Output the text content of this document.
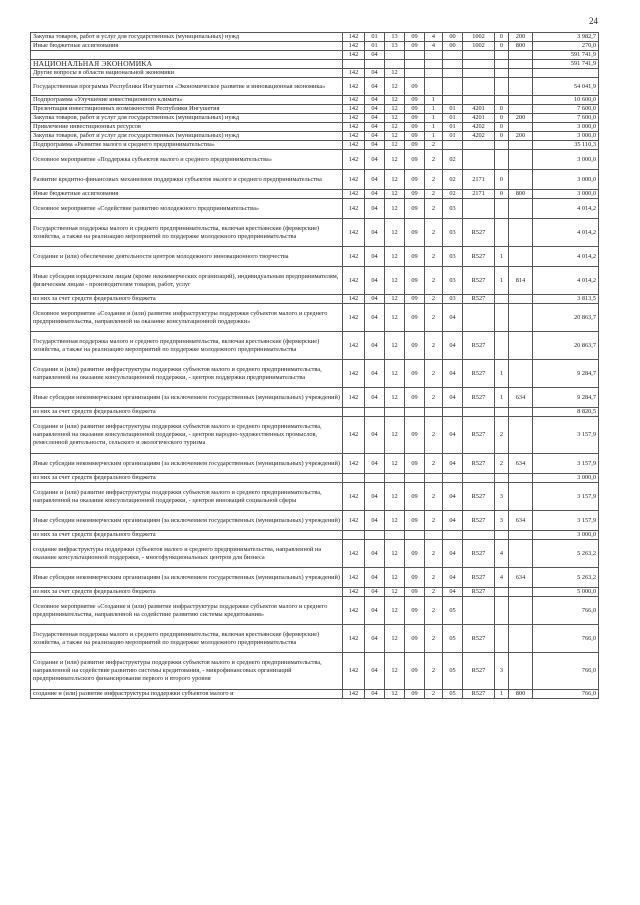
24
Закупка товаров, работ и услуг для государственных (муниципальных) нужд	142	01	13	09	4	00	1002	0	200	3 982,7
Иные бюджетные ассигнования	142	01	13	09	4	00	1002	0	800	270,0
	142	04								591 741,9
НАЦИОНАЛЬНАЯ ЭКОНОМИКА										591 741,9
Другие вопросы в области национальной экономики	142	04	12							
Государственная программа Республики Ингушетия «Экономическое развитие и инновационная экономика»	142	04	12	09						54 041,9
Подпрограмма «Улучшение инвестиционного климата»	142	04	12	09	1					10 600,0
Презентация инвестиционных возможностей Республики Ингушетия	142	04	12	09	1	01	4201	0		7 600,0
Закупка товаров, работ и услуг для государственных (муниципальных) нужд	142	04	12	09	1	01	4201	0	200	7 600,0
Привлечение инвестиционных ресурсов	142	04	12	09	1	01	4202	0		3 000,0
Закупка товаров, работ и услуг для государственных (муниципальных) нужд	142	04	12	09	1	01	4202	0	200	3 000,0
Подпрограмма «Развитие малого и среднего предпринимательства»	142	04	12	09	2					35 110,3
Основное мероприятие «Поддержка субъектов малого и среднего предпринимательства»	142	04	12	09	2	02				3 000,0
Развитие кредитно-финансовых механизмов поддержки субъектов малого и среднего предпринимательства	142	04	12	09	2	02	2171	0		3 000,0
Иные бюджетные ассигнования	142	04	12	09	2	02	2171	0	800	3 000,0
Основное мероприятие «Содействие развитию молодежного предпринимательства»	142	04	12	09	2	03				4 014,2
Государственная поддержка малого и среднего предпринимательства, включая крестьянские (фермерские) хозяйства, а также на реализацию мероприятий по поддержке молодежного предпринимательства	142	04	12	09	2	03	R527			4 014,2
Создание и (или) обеспечение деятельности центров молодежного инновационного творчества	142	04	12	09	2	03	R527	1		4 014,2
Иные субсидии юридическим лицам (кроме некоммерческих организаций), индивидуальным предпринимателям, физическим лицам - производителям товаров, работ, услуг	142	04	12	09	2	03	R527	1	814	4 014,2
из них за счет средств федерального бюджета	142	04	12	09	2	03	R527			3 813,5
Основное мероприятие «Создание и (или) развитие инфраструктуры поддержки субъектов малого и среднего предпринимательства, направленной на оказание консультационной поддержки»	142	04	12	09	2	04				20 863,7
Государственная поддержка малого и среднего предпринимательства, включая крестьянские (фермерские) хозяйства, а также на реализацию мероприятий по поддержке молодежного предпринимательства	142	04	12	09	2	04	R527			20 863,7
Создание и (или) развитие инфраструктуры поддержки субъектов малого и среднего предпринимательства, направленной на оказание консультационной поддержки, - центров поддержки предпринимательства	142	04	12	09	2	04	R527	1		9 284,7
Иные субсидии некоммерческим организациям (за исключением государственных (муниципальных) учреждений)	142	04	12	09	2	04	R527	1	634	9 284,7
из них за счет средств федерального бюджета										8 820,5
Создание и (или) развитие инфраструктуры поддержки субъектов малого и среднего предпринимательства, направленной на оказание консультационной поддержки, - центров народно-художественных промыслов, ремесленной деятельности, сельского и экологического туризма	142	04	12	09	2	04	R527	2		3 157,9
Иные субсидии некоммерческим организациям (за исключением государственных (муниципальных) учреждений)	142	04	12	09	2	04	R527	2	634	3 157,9
из них за счет средств федерального бюджета										3 000,0
Создание и (или) развитие инфраструктуры поддержки субъектов малого и среднего предпринимательства, направленной на оказание консультационной поддержки, - центров инноваций социальной сферы	142	04	12	09	2	04	R527	3		3 157,9
Иные субсидии некоммерческим организациям (за исключением государственных (муниципальных) учреждений)	142	04	12	09	2	04	R527	3	634	3 157,9
из них за счет средств федерального бюджета										3 000,0
создание инфраструктуры поддержки субъектов малого и среднего предпринимательства, направленной на оказание консультационной поддержки, - многофункциональных центров для бизнеса	142	04	12	09	2	04	R527	4		5 263,2
Иные субсидии некоммерческим организациям (за исключением государственных (муниципальных) учреждений)	142	04	12	09	2	04	R527	4	634	5 263,2
из них за счет средств федерального бюджета	142	04	12	09	2	04	R527			5 000,0
Основное мероприятие «Создание и (или) развитие инфраструктуры поддержки субъектов малого и среднего предпринимательства, направленной на содействие развитию системы кредитования»	142	04	12	09	2	05				766,0
Государственная поддержка малого и среднего предпринимательства, включая крестьянские (фермерские) хозяйства, а также на реализацию мероприятий по поддержке молодежного предпринимательства	142	04	12	09	2	05	R527			766,0
Создание и (или) развитие инфраструктуры поддержки субъектов малого и среднего предпринимательства, направленной на содействие развитию системы кредитования, - микрофинансовых организаций предпринимательского финансирования первого и второго уровня	142	04	12	09	2	05	R527	3		766,0
создание и (или) развитие инфраструктуры поддержки субъектов малого и	142	04	12	09	2	05	R527	1	800	766,0
